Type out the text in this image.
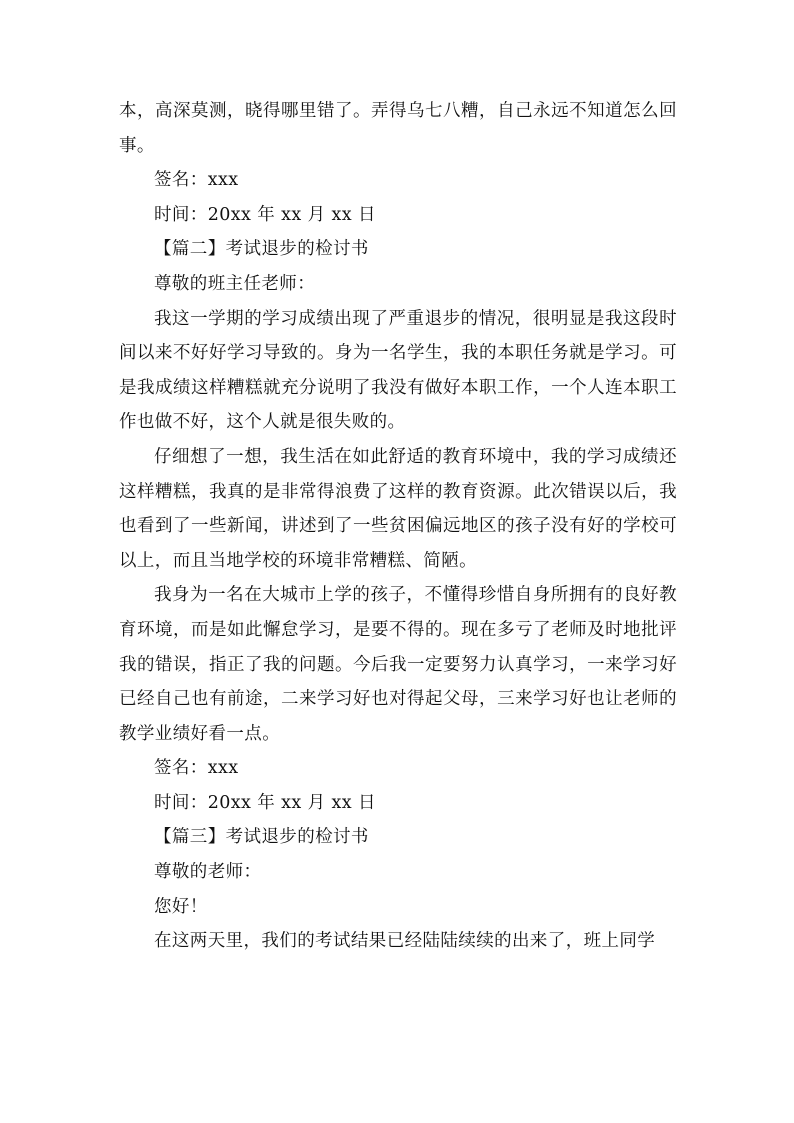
本，高深莫测，晓得哪里错了。弄得乌七八糟，自己永远不知道怎么回事。

签名：xxx

时间：20xx 年 xx 月 xx 日

【篇二】考试退步的检讨书

尊敬的班主任老师：

我这一学期的学习成绩出现了严重退步的情况，很明显是我这段时间以来不好好学习导致的。身为一名学生，我的本职任务就是学习。可是我成绩这样糟糕就充分说明了我没有做好本职工作，一个人连本职工作也做不好，这个人就是很失败的。

仔细想了一想，我生活在如此舒适的教育环境中，我的学习成绩还这样糟糕，我真的是非常得浪费了这样的教育资源。此次错误以后，我也看到了一些新闻，讲述到了一些贫困偏远地区的孩子没有好的学校可以上，而且当地学校的环境非常糟糕、简陋。

我身为一名在大城市上学的孩子，不懂得珍惜自身所拥有的良好教育环境，而是如此懈怠学习，是要不得的。现在多亏了老师及时地批评我的错误，指正了我的问题。今后我一定要努力认真学习，一来学习好已经自己也有前途，二来学习好也对得起父母，三来学习好也让老师的教学业绩好看一点。

签名：xxx

时间：20xx 年 xx 月 xx 日

【篇三】考试退步的检讨书

尊敬的老师：

您好！

在这两天里，我们的考试结果已经陆陆续续的出来了，班上同学
